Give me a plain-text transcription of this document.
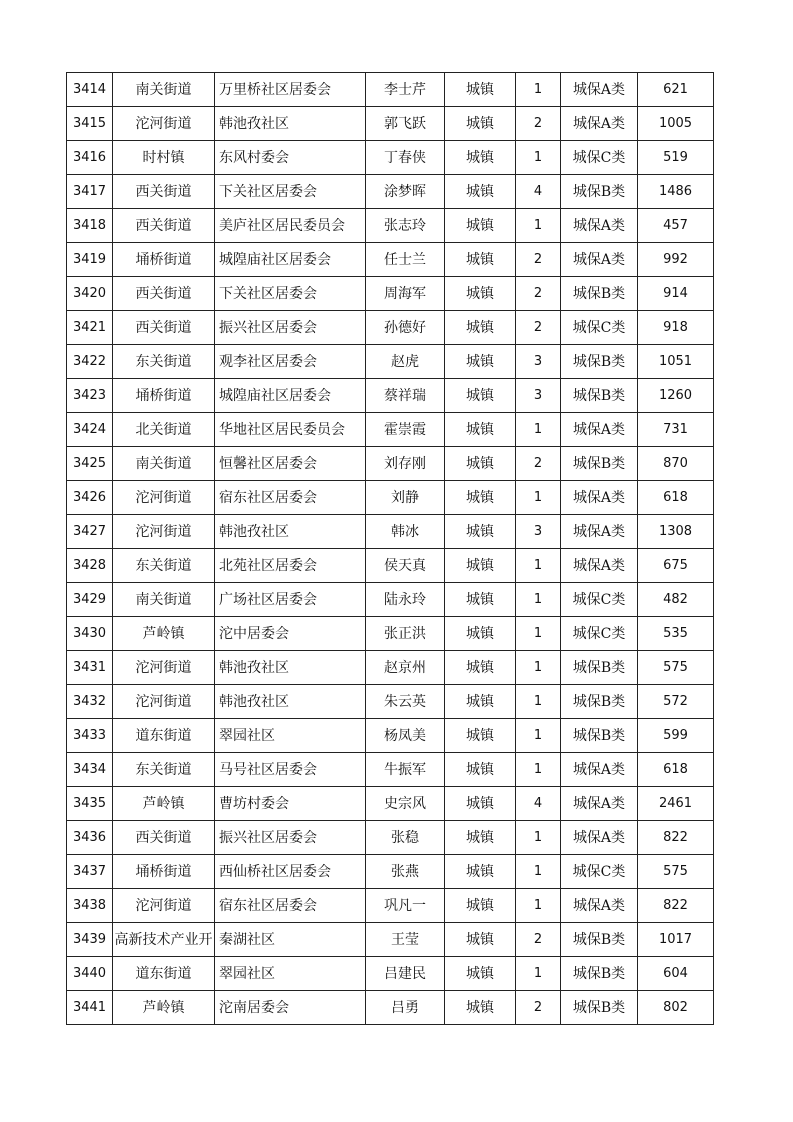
3414	南关街道	万里桥社区居委会	李士芹	城镇	1	城保A类	621
3415	沱河街道	韩池孜社区	郭飞跃	城镇	2	城保A类	1005
3416	时村镇	东风村委会	丁春侠	城镇	1	城保C类	519
3417	西关街道	下关社区居委会	涂梦晖	城镇	4	城保B类	1486
3418	西关街道	美庐社区居民委员会	张志玲	城镇	1	城保A类	457
3419	埇桥街道	城隍庙社区居委会	任士兰	城镇	2	城保A类	992
3420	西关街道	下关社区居委会	周海军	城镇	2	城保B类	914
3421	西关街道	振兴社区居委会	孙德好	城镇	2	城保C类	918
3422	东关街道	观李社区居委会	赵虎	城镇	3	城保B类	1051
3423	埇桥街道	城隍庙社区居委会	蔡祥瑞	城镇	3	城保B类	1260
3424	北关街道	华地社区居民委员会	霍崇霞	城镇	1	城保A类	731
3425	南关街道	恒馨社区居委会	刘存刚	城镇	2	城保B类	870
3426	沱河街道	宿东社区居委会	刘静	城镇	1	城保A类	618
3427	沱河街道	韩池孜社区	韩冰	城镇	3	城保A类	1308
3428	东关街道	北苑社区居委会	侯天真	城镇	1	城保A类	675
3429	南关街道	广场社区居委会	陆永玲	城镇	1	城保C类	482
3430	芦岭镇	沱中居委会	张正洪	城镇	1	城保C类	535
3431	沱河街道	韩池孜社区	赵京州	城镇	1	城保B类	575
3432	沱河街道	韩池孜社区	朱云英	城镇	1	城保B类	572
3433	道东街道	翠园社区	杨凤美	城镇	1	城保B类	599
3434	东关街道	马号社区居委会	牛振军	城镇	1	城保A类	618
3435	芦岭镇	曹坊村委会	史宗风	城镇	4	城保A类	2461
3436	西关街道	振兴社区居委会	张稳	城镇	1	城保A类	822
3437	埇桥街道	西仙桥社区居委会	张燕	城镇	1	城保C类	575
3438	沱河街道	宿东社区居委会	巩凡一	城镇	1	城保A类	822
3439	高新技术产业开	秦湖社区	王莹	城镇	2	城保B类	1017
3440	道东街道	翠园社区	吕建民	城镇	1	城保B类	604
3441	芦岭镇	沱南居委会	吕勇	城镇	2	城保B类	802
